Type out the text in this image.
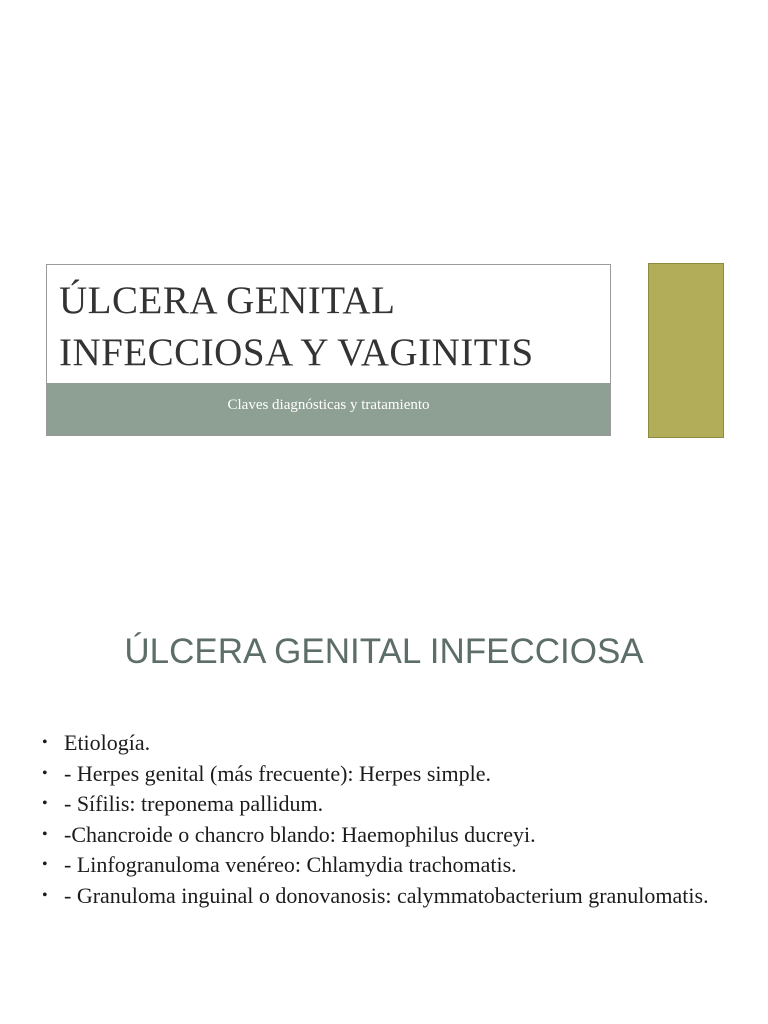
ÚLCERA GENITAL
INFECCIOSA Y VAGINITIS
Claves diagnósticas y tratamiento
ÚLCERA GENITAL INFECCIOSA
• Etiología.
• - Herpes genital (más frecuente): Herpes simple.
• - Sífilis: treponema pallidum.
• -Chancroide o chancro blando: Haemophilus ducreyi.
• - Linfogranuloma venéreo: Chlamydia trachomatis.
• - Granuloma inguinal o donovanosis: calymmatobacterium granulomatis.
